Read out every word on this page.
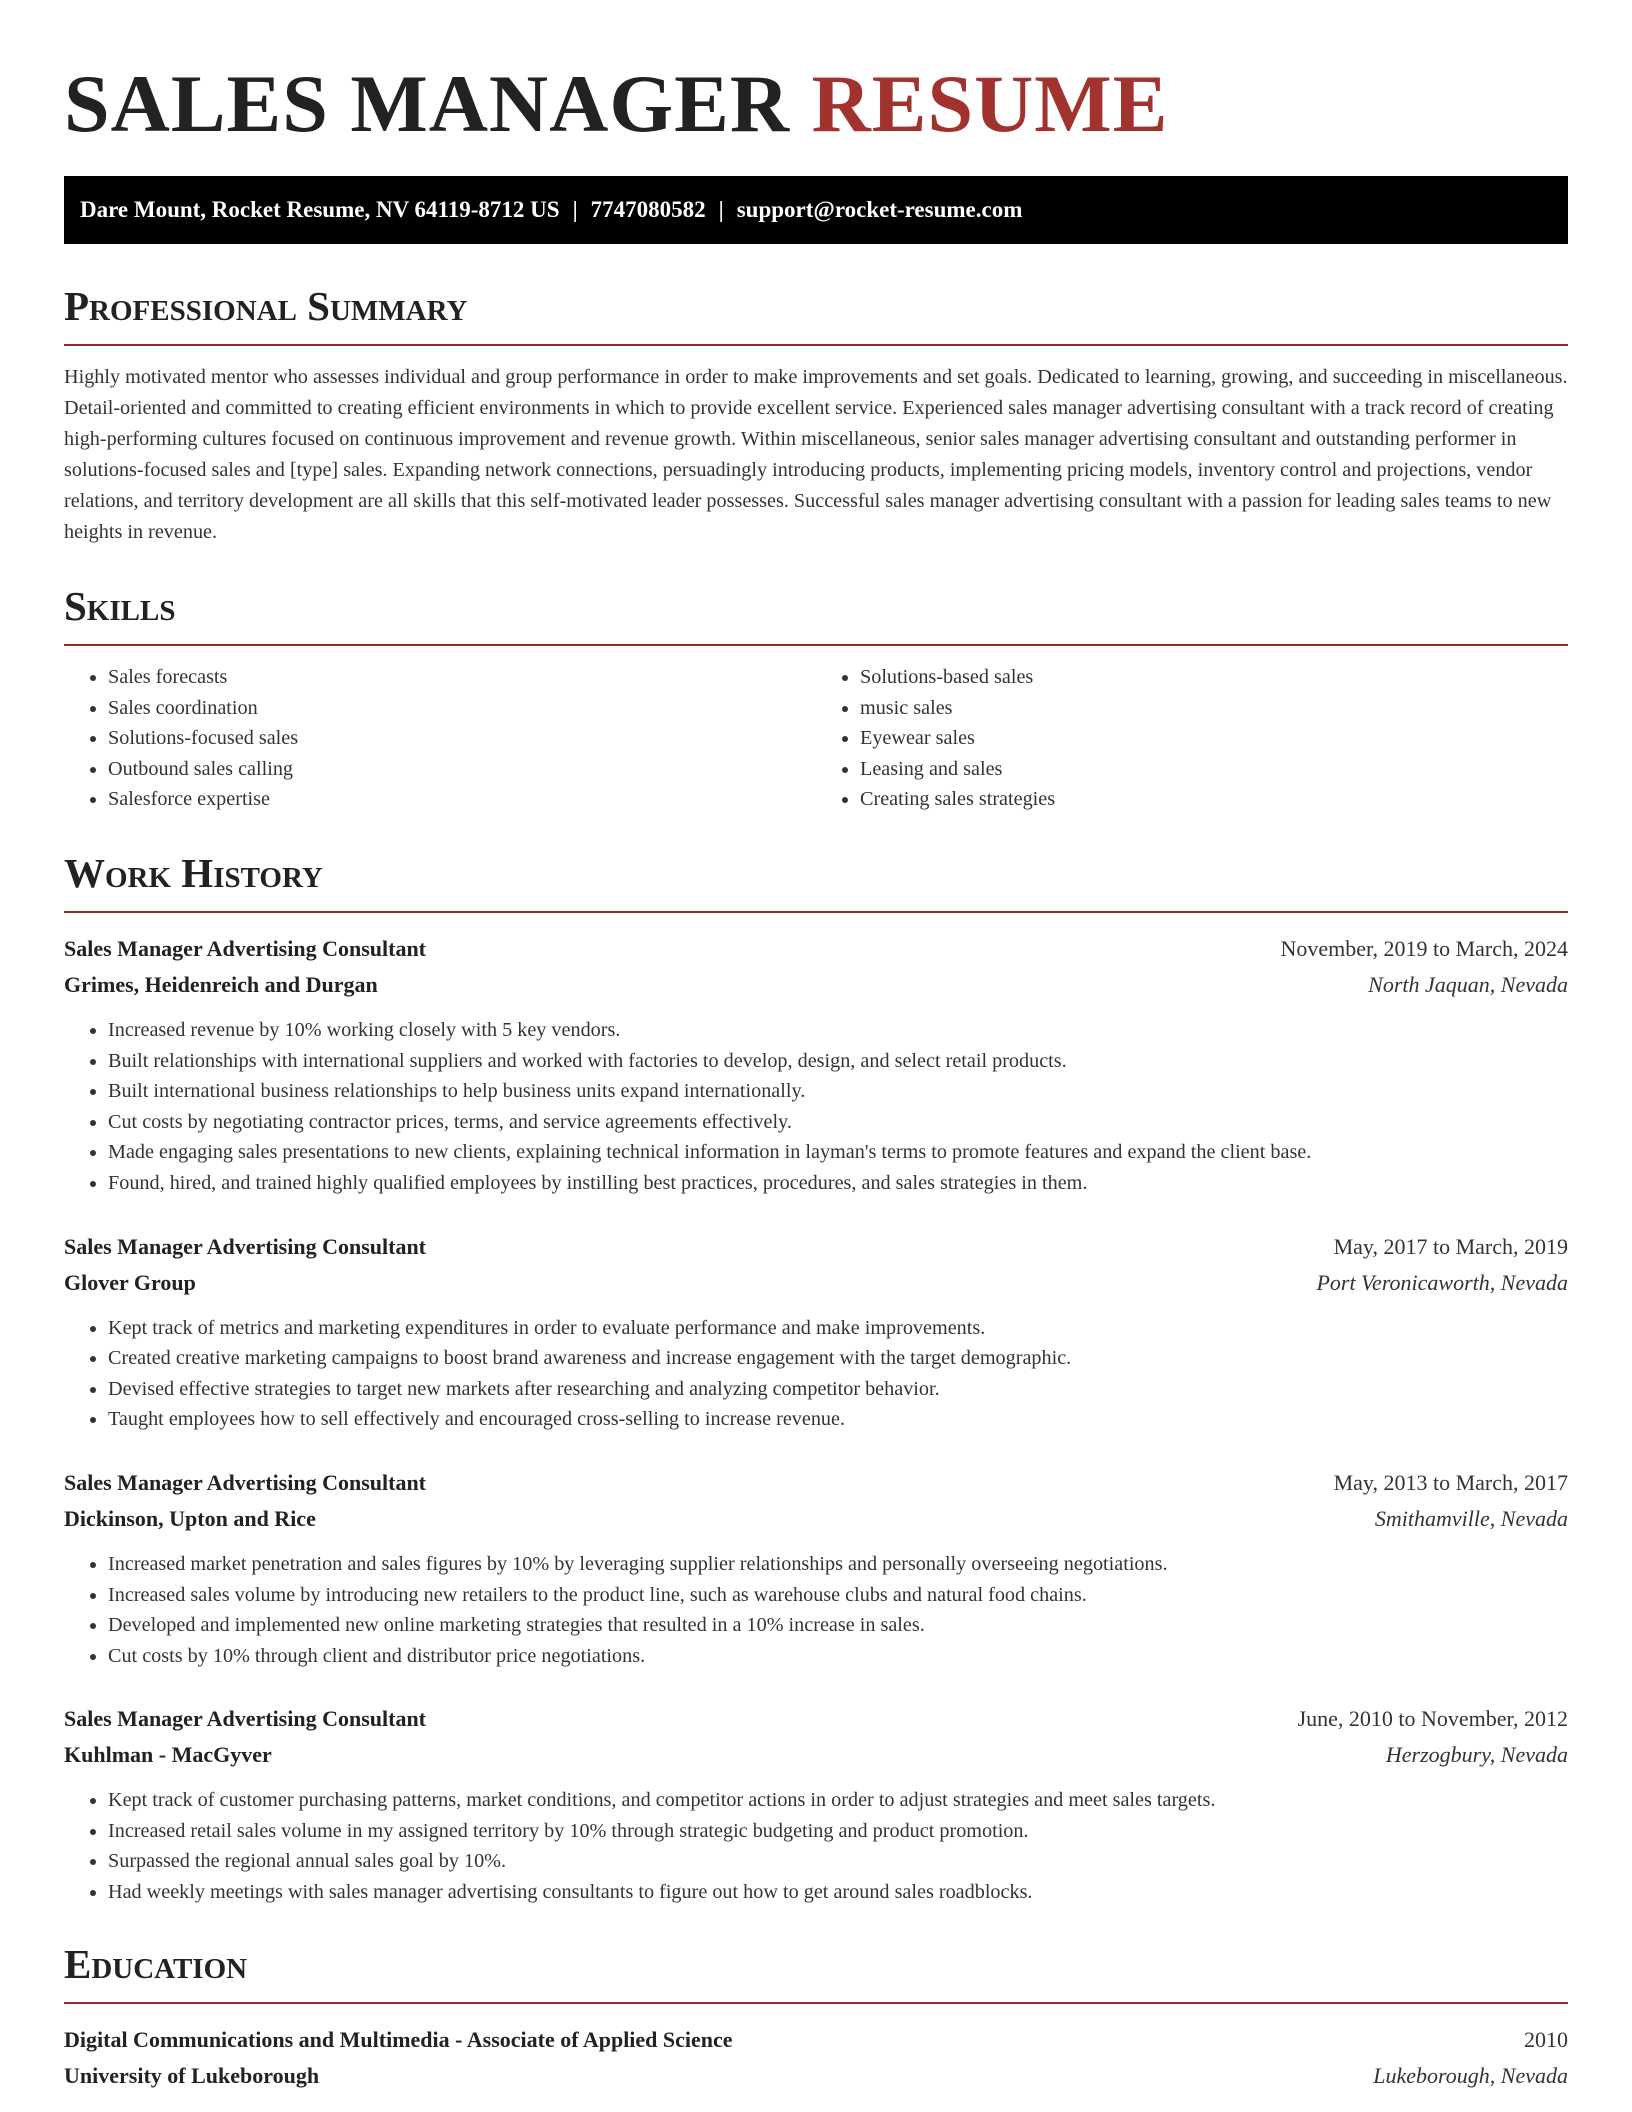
SALES MANAGER RESUME
Dare Mount, Rocket Resume, NV 64119-8712 US | 7747080582 | support@rocket-resume.com
Professional Summary

Highly motivated mentor who assesses individual and group performance in order to make improvements and set goals. Dedicated to learning, growing, and succeeding in miscellaneous. Detail-oriented and committed to creating efficient environments in which to provide excellent service. Experienced sales manager advertising consultant with a track record of creating high-performing cultures focused on continuous improvement and revenue growth. Within miscellaneous, senior sales manager advertising consultant and outstanding performer in solutions-focused sales and [type] sales. Expanding network connections, persuadingly introducing products, implementing pricing models, inventory control and projections, vendor relations, and territory development are all skills that this self-motivated leader possesses. Successful sales manager advertising consultant with a passion for leading sales teams to new heights in revenue.

Skills
• Sales forecasts
• Sales coordination
• Solutions-focused sales
• Outbound sales calling
• Salesforce expertise
• Solutions-based sales
• music sales
• Eyewear sales
• Leasing and sales
• Creating sales strategies
Work History
Sales Manager Advertising Consultant	November, 2019 to March, 2024
Grimes, Heidenreich and Durgan	North Jaquan, Nevada
• Increased revenue by 10% working closely with 5 key vendors.
• Built relationships with international suppliers and worked with factories to develop, design, and select retail products.
• Built international business relationships to help business units expand internationally.
• Cut costs by negotiating contractor prices, terms, and service agreements effectively.
• Made engaging sales presentations to new clients, explaining technical information in layman's terms to promote features and expand the client base.
• Found, hired, and trained highly qualified employees by instilling best practices, procedures, and sales strategies in them.
Sales Manager Advertising Consultant	May, 2017 to March, 2019
Glover Group	Port Veronicaworth, Nevada
• Kept track of metrics and marketing expenditures in order to evaluate performance and make improvements.
• Created creative marketing campaigns to boost brand awareness and increase engagement with the target demographic.
• Devised effective strategies to target new markets after researching and analyzing competitor behavior.
• Taught employees how to sell effectively and encouraged cross-selling to increase revenue.
Sales Manager Advertising Consultant	May, 2013 to March, 2017
Dickinson, Upton and Rice	Smithamville, Nevada
• Increased market penetration and sales figures by 10% by leveraging supplier relationships and personally overseeing negotiations.
• Increased sales volume by introducing new retailers to the product line, such as warehouse clubs and natural food chains.
• Developed and implemented new online marketing strategies that resulted in a 10% increase in sales.
• Cut costs by 10% through client and distributor price negotiations.
Sales Manager Advertising Consultant	June, 2010 to November, 2012
Kuhlman - MacGyver	Herzogbury, Nevada
• Kept track of customer purchasing patterns, market conditions, and competitor actions in order to adjust strategies and meet sales targets.
• Increased retail sales volume in my assigned territory by 10% through strategic budgeting and product promotion.
• Surpassed the regional annual sales goal by 10%.
• Had weekly meetings with sales manager advertising consultants to figure out how to get around sales roadblocks.
Education
Digital Communications and Multimedia - Associate of Applied Science	2010
University of Lukeborough	Lukeborough, Nevada
